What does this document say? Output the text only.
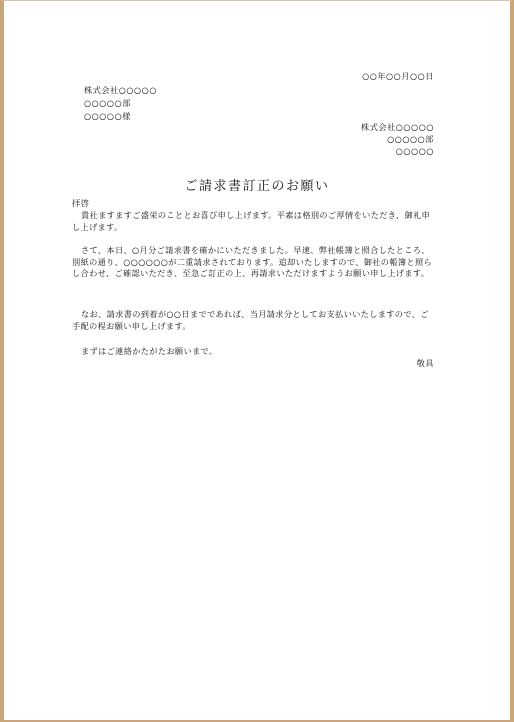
○○年○○月○○日
株式会社○○○○○
○○○○○部
○○○○○様
株式会社○○○○○
○○○○○部
○○○○○
ご請求書訂正のお願い
拝啓
貴社ますますご盛栄のこととお喜び申し上げます。平素は格別のご厚情をいただき、御礼申し上げます。
さて、本日、○月分ご請求書を確かにいただきました。早速、弊社帳簿と照合したところ、別紙の通り、○○○○○○が二重請求されております。追却いたしますので、御社の帳簿と照らし合わせ、ご確認いただき、至急ご訂正の上、再請求いただけますようお願い申し上げます。
なお、請求書の到着が○○日までであれば、当月請求分としてお支払いいたしますので、ご手配の程お願い申し上げます。
まずはご連絡かたがたお願いまで。
敬具
